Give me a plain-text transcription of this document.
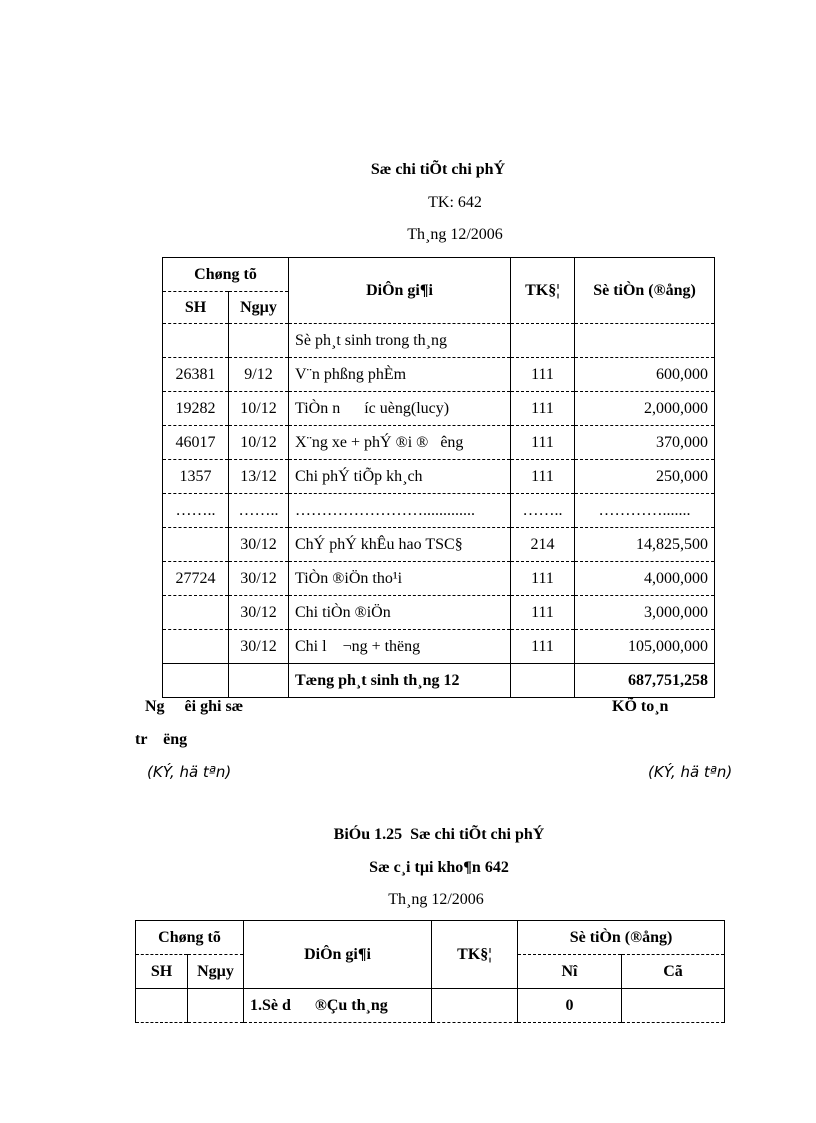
Sæ chi tiÕt chi phÝ
TK: 642
Th¸ng 12/2006
Chøng tõ		DiÔn gi¶i	TK§¦	Sè tiÒn (®ång)
SH	Ngµy			
		Sè ph¸t sinh trong th¸ng		
26381	9/12	V¨n phßng phÈm	111	600,000
19282	10/12	TiÒn n      íc uèng(lucy)	111	2,000,000
46017	10/12	X¨ng xe + phÝ ®i ®   êng	111	370,000
1357	13/12	Chi phÝ tiÕp kh¸ch	111	250,000
……..	……..	…………………….............	……..	………….......
	30/12	ChÝ phÝ khÊu hao TSC§	214	14,825,500
27724	30/12	TiÒn ®iÖn tho¹i	111	4,000,000
	30/12	Chi tiÒn ®iÖn	111	3,000,000
	30/12	Chi l    ¬ng + thëng	111	105,000,000
		Tæng ph¸t sinh th¸ng 12		687,751,258
Ng     êi ghi sæ
tr    ëng
KÕ to¸n
(KÝ, hä tªn)	(KÝ, hä tªn)
BiÓu 1.25  Sæ chi tiÕt chi phÝ
Sæ c¸i tµi kho¶n 642
Th¸ng 12/2006
Chøng tõ		DiÔn gi¶i	TK§¦	Sè tiÒn (®ång)	
SH	Ngµy			Nî	Cã
		1.Sè d      ®Çu th¸ng		0	
